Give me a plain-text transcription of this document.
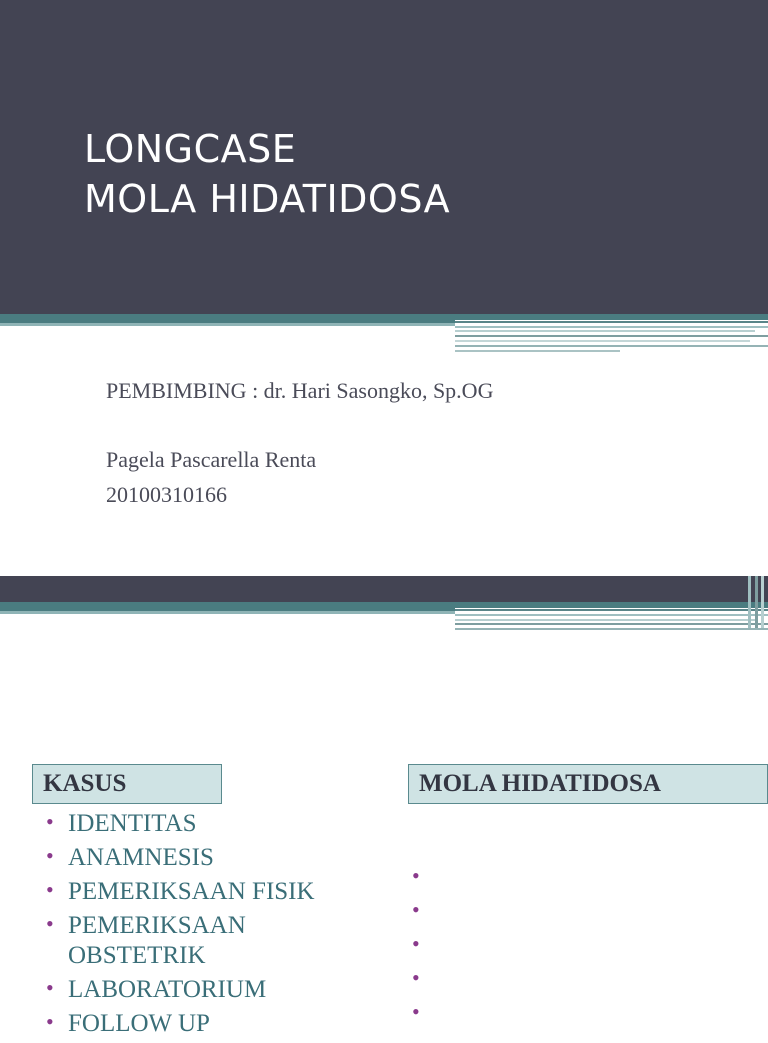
LONGCASE
MOLA HIDATIDOSA
PEMBIMBING : dr. Hari Sasongko, Sp.OG
Pagela Pascarella Renta
20100310166
KASUS	MOLA HIDATIDOSA
• IDENTITAS
• ANAMNESIS
• PEMERIKSAAN FISIK
• PEMERIKSAAN
OBSTETRIK
• LABORATORIUM
• FOLLOW UP
•
•
•
•
•
